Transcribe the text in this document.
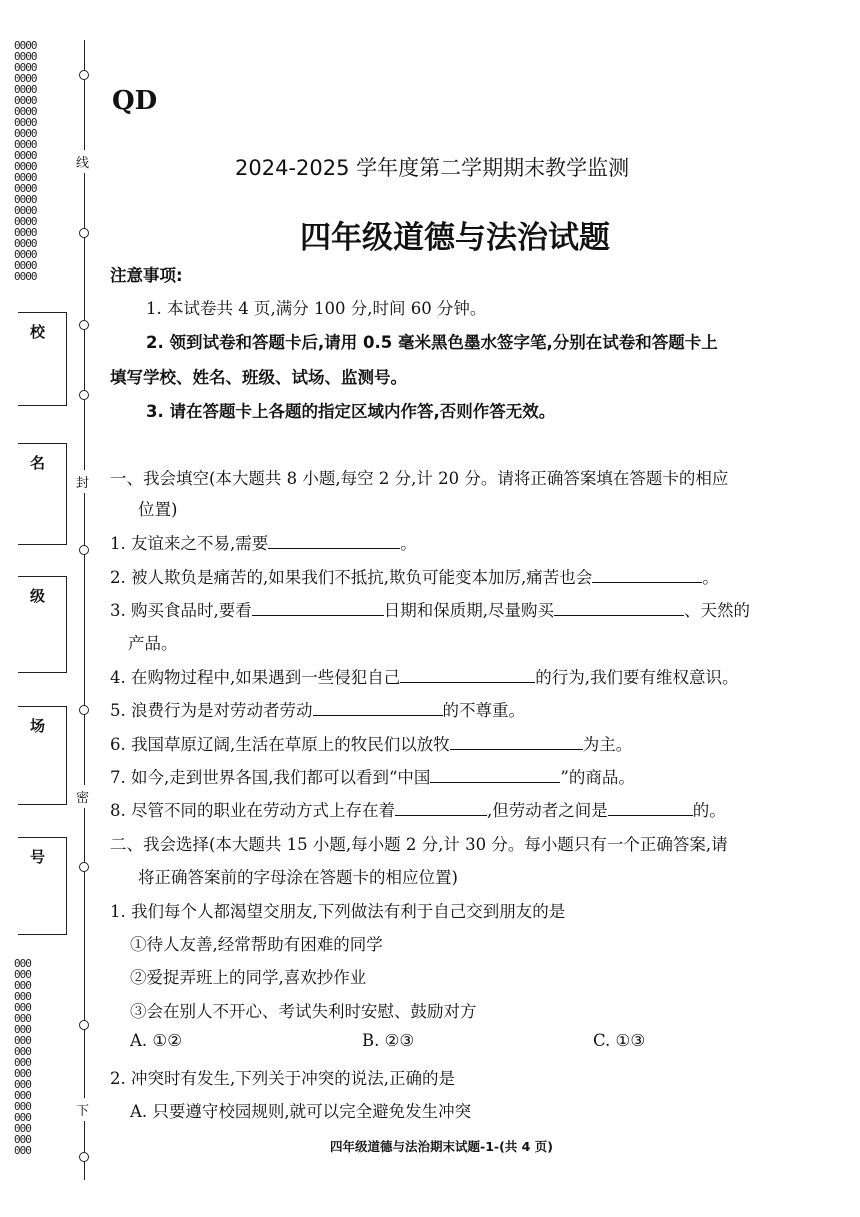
0000
0000
0000
0000
0000
0000
0000
0000
0000
0000
0000
0000
0000
0000
0000
0000
0000
0000
0000
0000
0000
0000
000
000
000
000
000
000
000
000
000
000
000
000
000
000
000
000
000
000
线
封
密
下
校
名
级
场
号
QD
2024-2025 学年度第二学期期末教学监测
四年级道德与法治试题
注意事项:
1. 本试卷共 4 页,满分 100 分,时间 60 分钟。
2. 领到试卷和答题卡后,请用 0.5 毫米黑色墨水签字笔,分别在试卷和答题卡上
填写学校、姓名、班级、试场、监测号。
3. 请在答题卡上各题的指定区域内作答,否则作答无效。
一、我会填空(本大题共 8 小题,每空 2 分,计 20 分。请将正确答案填在答题卡的相应
位置)
1. 友谊来之不易,需要	。
2. 被人欺负是痛苦的,如果我们不抵抗,欺负可能变本加厉,痛苦也会	。
3. 购买食品时,要看	日期和保质期,尽量购买	、天然的
产品。
4. 在购物过程中,如果遇到一些侵犯自己	的行为,我们要有维权意识。
5. 浪费行为是对劳动者劳动	的不尊重。
6. 我国草原辽阔,生活在草原上的牧民们以放牧	为主。
7. 如今,走到世界各国,我们都可以看到“中国	”的商品。
8. 尽管不同的职业在劳动方式上存在着	,但劳动者之间是	的。
二、我会选择(本大题共 15 小题,每小题 2 分,计 30 分。每小题只有一个正确答案,请
将正确答案前的字母涂在答题卡的相应位置)
1. 我们每个人都渴望交朋友,下列做法有利于自己交到朋友的是
①待人友善,经常帮助有困难的同学
②爱捉弄班上的同学,喜欢抄作业
③会在别人不开心、考试失利时安慰、鼓励对方
A. ①②	B. ②③	C. ①③
2. 冲突时有发生,下列关于冲突的说法,正确的是
A. 只要遵守校园规则,就可以完全避免发生冲突
四年级道德与法治期末试题-1-(共 4 页)
